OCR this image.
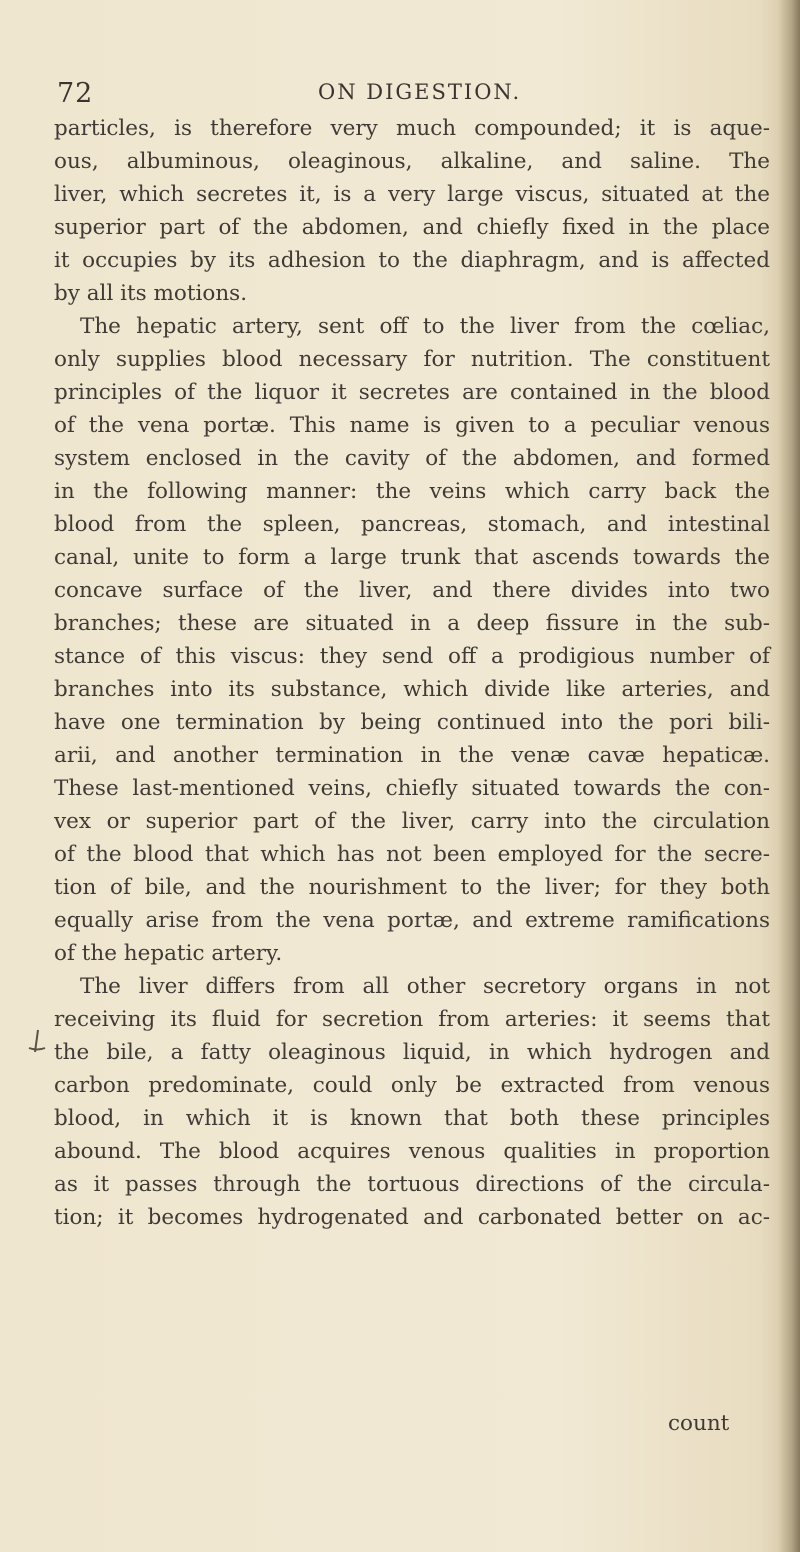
72	ON DIGESTION.
particles, is therefore very much compounded; it is aque-
ous, albuminous, oleaginous, alkaline, and saline. The
liver, which secretes it, is a very large viscus, situated at the
superior part of the abdomen, and chiefly fixed in the place
it occupies by its adhesion to the diaphragm, and is affected
by all its motions.
The hepatic artery, sent off to the liver from the cœliac,
only supplies blood necessary for nutrition. The constituent
principles of the liquor it secretes are contained in the blood
of the vena portæ. This name is given to a peculiar venous
system enclosed in the cavity of the abdomen, and formed
in the following manner: the veins which carry back the
blood from the spleen, pancreas, stomach, and intestinal
canal, unite to form a large trunk that ascends towards the
concave surface of the liver, and there divides into two
branches; these are situated in a deep fissure in the sub-
stance of this viscus: they send off a prodigious number of
branches into its substance, which divide like arteries, and
have one termination by being continued into the pori bili-
arii, and another termination in the venæ cavæ hepaticæ.
These last-mentioned veins, chiefly situated towards the con-
vex or superior part of the liver, carry into the circulation
of the blood that which has not been employed for the secre-
tion of bile, and the nourishment to the liver; for they both
equally arise from the vena portæ, and extreme ramifications
of the hepatic artery.
The liver differs from all other secretory organs in not
receiving its fluid for secretion from arteries: it seems that
the bile, a fatty oleaginous liquid, in which hydrogen and
carbon predominate, could only be extracted from venous
blood, in which it is known that both these principles
abound. The blood acquires venous qualities in proportion
as it passes through the tortuous directions of the circula-
tion; it becomes hydrogenated and carbonated better on ac-
count
